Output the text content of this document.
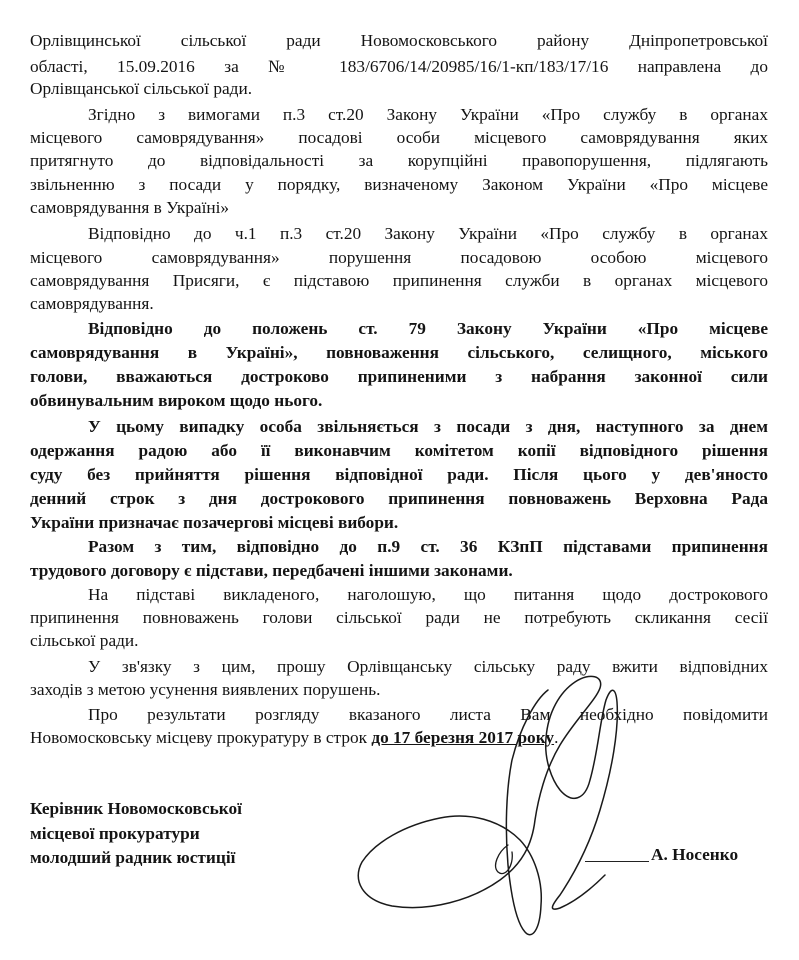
Орлівщинської сільської ради Новомосковського району Дніпропетровської
області, 15.09.2016 за № 183/6706/14/20985/16/1-кп/183/17/16 направлена до
Орлівщанської сільської ради.
Згідно з вимогами п.3 ст.20 Закону України «Про службу в органах
місцевого самоврядування» посадові особи місцевого самоврядування яких
притягнуто до відповідальності за корупційні правопорушення, підлягають
звільненню з посади у порядку, визначеному Законом України «Про місцеве
самоврядування в Україні»
Відповідно до ч.1 п.3 ст.20 Закону України «Про службу в органах
місцевого самоврядування» порушення посадовою особою місцевого
самоврядування Присяги, є підставою припинення служби в органах місцевого
самоврядування.
Відповідно до положень ст. 79 Закону України «Про місцеве
самоврядування в Україні», повноваження сільського, селищного, міського
голови, вважаються достроково припиненими з набрання законної сили
обвинувальним вироком щодо нього.
У цьому випадку особа звільняється з посади з дня, наступного за днем
одержання радою або її виконавчим комітетом копії відповідного рішення
суду без прийняття рішення відповідної ради. Після цього у дев'яносто
денний строк з дня дострокового припинення повноважень Верховна Рада
України призначає позачергові місцеві вибори.
Разом з тим, відповідно до п.9 ст. 36 КЗпП підставами припинення
трудового договору є підстави, передбачені іншими законами.
На підставі викладеного, наголошую, що питання щодо дострокового
припинення повноважень голови сільської ради не потребують скликання сесії
сільської ради.
У зв'язку з цим, прошу Орлівщанську сільську раду вжити відповідних
заходів з метою усунення виявлених порушень.
Про результати розгляду вказаного листа Вам необхідно повідомити
Новомосковську місцеву прокуратуру в строк до 17 березня 2017 року.
Керівник Новомосковської
місцевої прокуратури
молодший радник юстиції	А. Носенко
